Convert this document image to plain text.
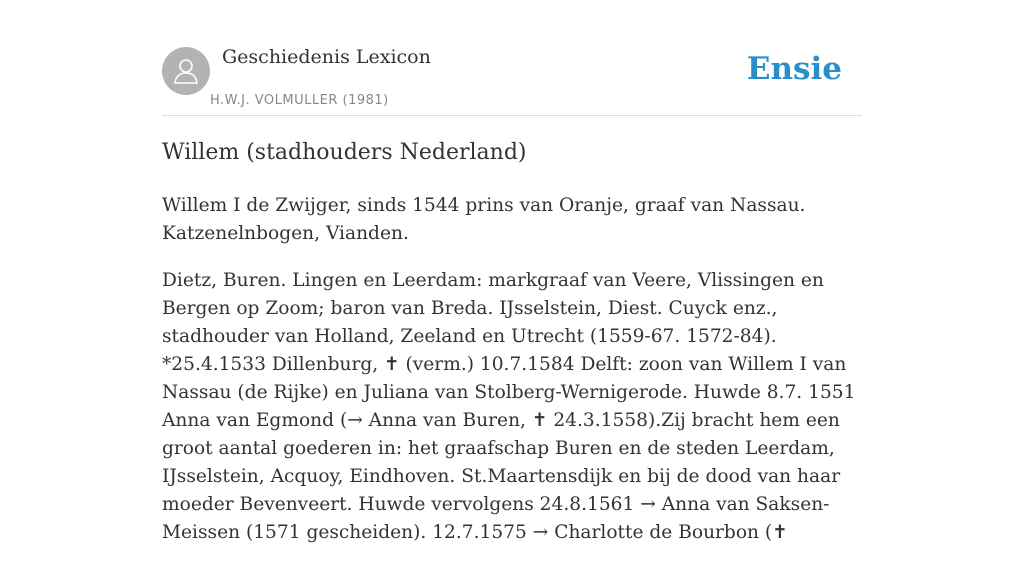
Geschiedenis Lexicon
H.W.J. VOLMULLER (1981)
Ensie
Willem (stadhouders Nederland)

Willem I de Zwijger, sinds 1544 prins van Oranje, graaf van Nassau. Katzenelnbogen, Vianden.

Dietz, Buren. Lingen en Leerdam: markgraaf van Veere, Vlissingen en Bergen op Zoom; baron van Breda. IJsselstein, Diest. Cuyck enz., stadhouder van Holland, Zeeland en Utrecht (1559-67. 1572-84). *25.4.1533 Dillenburg, ✝ (verm.) 10.7.1584 Delft: zoon van Willem I van Nassau (de Rijke) en Juliana van Stolberg-Wernigerode. Huwde 8.7. 1551 Anna van Egmond (→ Anna van Buren, ✝ 24.3.1558).Zij bracht hem een groot aantal goederen in: het graafschap Buren en de steden Leerdam, IJsselstein, Acquoy, Eindhoven. St.Maartensdijk en bij de dood van haar moeder Bevenveert. Huwde vervolgens 24.8.1561 → Anna van Saksen-Meissen (1571 gescheiden). 12.7.1575 → Charlotte de Bourbon (✝
